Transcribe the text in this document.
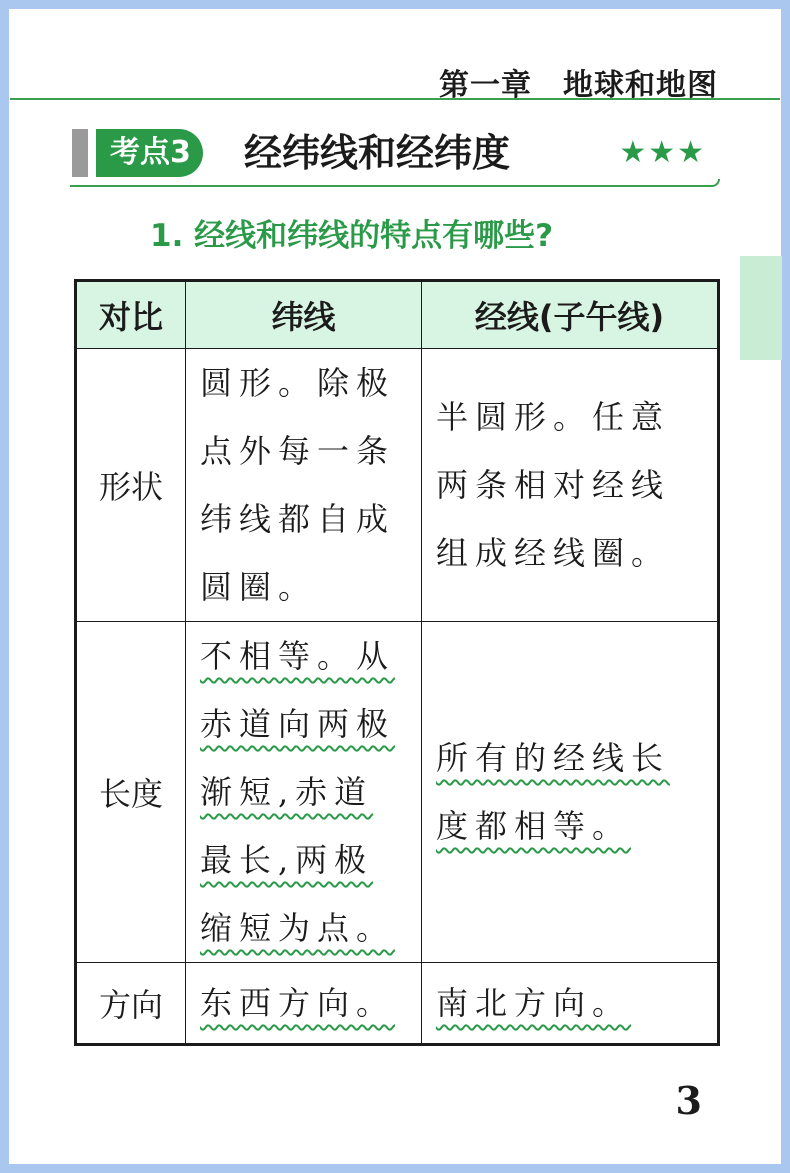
第一章　地球和地图
考点3	经纬线和经纬度	★★★
1. 经线和纬线的特点有哪些?
对比	纬线	经线(子午线)
形状	圆形。除极点外每一条纬线都自成圆圈。	半圆形。任意两条相对经线组成经线圈。

长度	不相等。从赤道向两极渐短,赤道最长,两极缩短为点。	所有的经线长度都相等。

方向	东西方向。	南北方向。
3
